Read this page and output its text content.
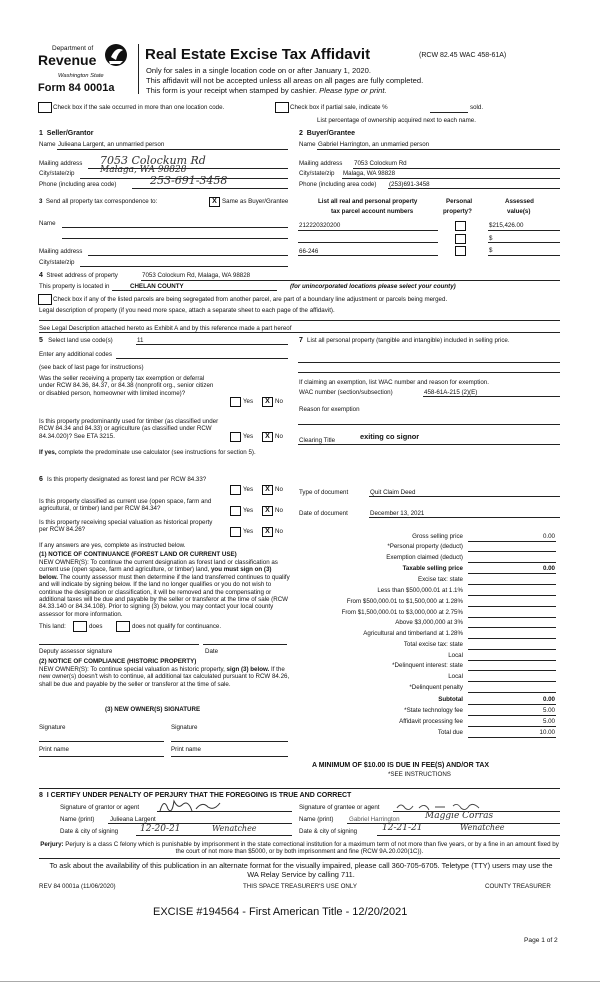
Department of
Revenue
Washington State
Form 84 0001a
Real Estate Excise Tax Affidavit	(RCW 82.45 WAC 458-61A)
Only for sales in a single location code on or after January 1, 2020.
This affidavit will not be accepted unless all areas on all pages are fully completed.
This form is your receipt when stamped by cashier. Please type or print.
Check box if the sale occurred in more than one location code.	Check box if partial sale, indicate %	sold.
List percentage of ownership acquired next to each name.
1 Seller/Grantor
Name Julieana Largent, an unmarried person
Mailing address 7053 Colockum Rd
City/state/zip	Malaga, WA 98828
Phone (including area code)	253-691-3458
2 Buyer/Grantee
Name Gabriel Harrington, an unmarried person
Mailing address 7053 Colockum Rd
City/state/zip Malaga, WA 98828
Phone (including area code) (253)691-3458
3 Send all property tax correspondence to:	X Same as Buyer/Grantee
Name
Mailing address
City/state/zip
List all real and personal property
tax parcel account numbers
Personal
property?
Assessed
value(s)
212220320200	$215,426.00
$
66-246	$
4 Street address of property	7053 Colockum Rd, Malaga, WA 98828
This property is located in	CHELAN COUNTY	(for unincorporated locations please select your county)
Check box if any of the listed parcels are being segregated from another parcel, are part of a boundary line adjustment or parcels being merged.
Legal description of property (if you need more space, attach a separate sheet to each page of the affidavit).
See Legal Description attached hereto as Exhibit A and by this reference made a part hereof
5 Select land use code(s)	11
Enter any additional codes
(see back of last page for instructions)
Was the seller receiving a property tax exemption or deferral under RCW 84.36, 84.37, or 84.38 (nonprofit org., senior citizen or disabled person, homeowner with limited income)?
Yes	X No
Is this property predominantly used for timber (as classified under RCW 84.34 and 84.33) or agriculture (as classified under RCW 84.34.020)? See ETA 3215.	Yes	X No
If yes, complete the predominate use calculator (see instructions for section 5).
7 List all personal property (tangible and intangible) included in selling price.
If claiming an exemption, list WAC number and reason for exemption.
WAC number (section/subsection)	458-61A-215 (2)(E)
Reason for exemption
Clearing Title	exiting co signor
6 Is this property designated as forest land per RCW 84.33?
Yes	X No
Is this property classified as current use (open space, farm and agricultural, or timber) land per RCW 84.34?	Yes	X No
Is this property receiving special valuation as historical property per RCW 84.26?	Yes	X No
If any answers are yes, complete as instructed below.
(1) NOTICE OF CONTINUANCE (FOREST LAND OR CURRENT USE)
NEW OWNER(S): To continue the current designation as forest land or classification as current use (open space, farm and agriculture, or timber) land, you must sign on (3) below. The county assessor must then determine if the land transferred continues to qualify and will indicate by signing below. If the land no longer qualifies or you do not wish to continue the designation or classification, it will be removed and the compensating or additional taxes will be due and payable by the seller or transferor at the time of sale (RCW 84.33.140 or 84.34.108). Prior to signing (3) below, you may contact your local county assessor for more information.
This land:	does	does not qualify for continuance.
Deputy assessor signature	Date
(2) NOTICE OF COMPLIANCE (HISTORIC PROPERTY)
NEW OWNER(S): To continue special valuation as historic property, sign (3) below. If the new owner(s) doesn't wish to continue, all additional tax calculated pursuant to RCW 84.26, shall be due and payable by the seller or transferor at the time of sale.
(3) NEW OWNER(S) SIGNATURE
Signature	Signature
Print name	Print name
Type of document	Quit Claim Deed
Date of document	December 13, 2021
Gross selling price	0.00
*Personal property (deduct)
Exemption claimed (deduct)
Taxable selling price	0.00
Excise tax: state
Less than $500,000.01 at 1.1%
From $500,000.01 to $1,500,000 at 1.28%
From $1,500,000.01 to $3,000,000 at 2.75%
Above $3,000,000 at 3%
Agricultural and timberland at 1.28%
Total excise tax: state
Local
*Delinquent interest: state
Local
*Delinquent penalty
Subtotal	0.00
*State technology fee	5.00
Affidavit processing fee	5.00
Total due	10.00
A MINIMUM OF $10.00 IS DUE IN FEE(S) AND/OR TAX
*SEE INSTRUCTIONS
8 I CERTIFY UNDER PENALTY OF PERJURY THAT THE FOREGOING IS TRUE AND CORRECT
Signature of grantor or agent
Name (print)	Julieana Largent
Date & city of signing 12-20-21	Wenatchee
Signature of grantee or agent
Name (print)	Gabriel Harrington	Maggie Corras
Date & city of signing	12-21-21	Wenatchee
Perjury: Perjury is a class C felony which is punishable by imprisonment in the state correctional institution for a maximum term of not more than five years, or by a fine in an amount fixed by the court of not more than $5000, or by both imprisonment and fine (RCW 9A.20.020(1C)).
To ask about the availability of this publication in an alternate format for the visually impaired, please call 360-705-6705. Teletype (TTY) users may use the WA Relay Service by calling 711.
REV 84 0001a (11/06/2020)	THIS SPACE TREASURER'S USE ONLY	COUNTY TREASURER
EXCISE #194564 - First American Title - 12/20/2021
Page 1 of 2
